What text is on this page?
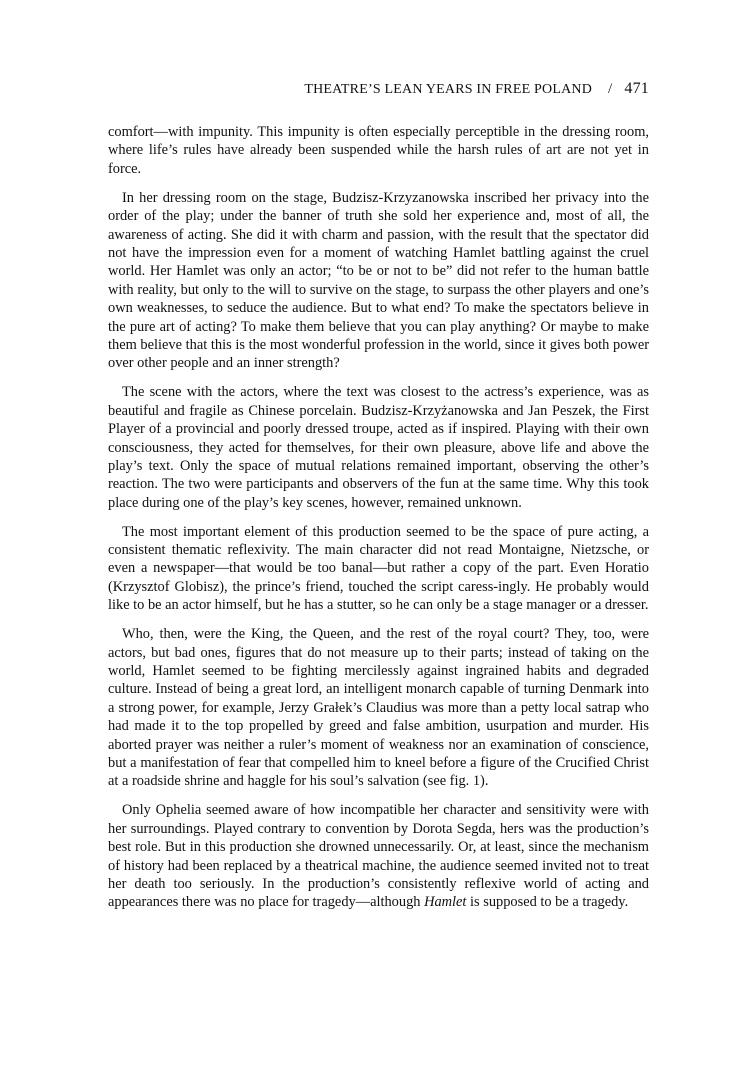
THEATRE’S LEAN YEARS IN FREE POLAND / 471

comfort—with impunity. This impunity is often especially perceptible in the dressing room, where life’s rules have already been suspended while the harsh rules of art are not yet in force.

In her dressing room on the stage, Budzisz-Krzyzanowska inscribed her privacy into the order of the play; under the banner of truth she sold her experience and, most of all, the awareness of acting. She did it with charm and passion, with the result that the spectator did not have the impression even for a moment of watching Hamlet battling against the cruel world. Her Hamlet was only an actor; “to be or not to be” did not refer to the human battle with reality, but only to the will to survive on the stage, to surpass the other players and one’s own weaknesses, to seduce the audience. But to what end? To make the spectators believe in the pure art of acting? To make them believe that you can play anything? Or maybe to make them believe that this is the most wonderful profession in the world, since it gives both power over other people and an inner strength?

The scene with the actors, where the text was closest to the actress’s experience, was as beautiful and fragile as Chinese porcelain. Budzisz-Krzyżanowska and Jan Peszek, the First Player of a provincial and poorly dressed troupe, acted as if inspired. Playing with their own consciousness, they acted for themselves, for their own pleasure, above life and above the play’s text. Only the space of mutual relations remained important, observing the other’s reaction. The two were participants and observers of the fun at the same time. Why this took place during one of the play’s key scenes, however, remained unknown.

The most important element of this production seemed to be the space of pure acting, a consistent thematic reflexivity. The main character did not read Montaigne, Nietzsche, or even a newspaper—that would be too banal—but rather a copy of the part. Even Horatio (Krzysztof Globisz), the prince’s friend, touched the script caress-ingly. He probably would like to be an actor himself, but he has a stutter, so he can only be a stage manager or a dresser.

Who, then, were the King, the Queen, and the rest of the royal court? They, too, were actors, but bad ones, figures that do not measure up to their parts; instead of taking on the world, Hamlet seemed to be fighting mercilessly against ingrained habits and degraded culture. Instead of being a great lord, an intelligent monarch capable of turning Denmark into a strong power, for example, Jerzy Grałek’s Claudius was more than a petty local satrap who had made it to the top propelled by greed and false ambition, usurpation and murder. His aborted prayer was neither a ruler’s moment of weakness nor an examination of conscience, but a manifestation of fear that compelled him to kneel before a figure of the Crucified Christ at a roadside shrine and haggle for his soul’s salvation (see fig. 1).

Only Ophelia seemed aware of how incompatible her character and sensitivity were with her surroundings. Played contrary to convention by Dorota Segda, hers was the production’s best role. But in this production she drowned unnecessarily. Or, at least, since the mechanism of history had been replaced by a theatrical machine, the audience seemed invited not to treat her death too seriously. In the production’s consistently reflexive world of acting and appearances there was no place for tragedy—although Hamlet is supposed to be a tragedy.
